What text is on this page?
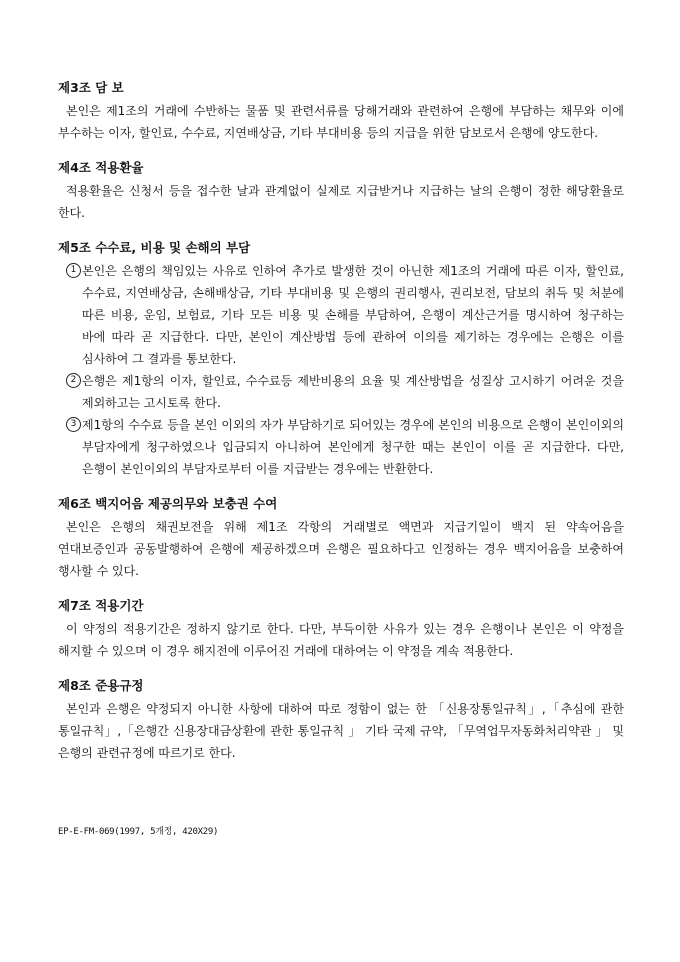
제3조 담 보

본인은 제1조의 거래에 수반하는 물품 및 관련서류를 당해거래와 관련하여 은행에 부담하는 채무와 이에 부수하는 이자, 할인료, 수수료, 지연배상금, 기타 부대비용 등의 지급을 위한 담보로서 은행에 양도한다.

제4조 적용환율

적용환율은 신청서 등을 접수한 날과 관계없이 실제로 지급받거나 지급하는 날의 은행이 정한 해당환율로 한다.

제5조 수수료, 비용 및 손해의 부담
1 본인은 은행의 책임있는 사유로 인하여 추가로 발생한 것이 아닌한 제1조의 거래에 따른 이자, 할인료, 수수료, 지연배상금, 손해배상금, 기타 부대비용 및 은행의 권리행사, 권리보전, 담보의 취득 및 처분에 따른 비용, 운임, 보험료, 기타 모든 비용 및 손해를 부담하여, 은행이 계산근거를 명시하여 청구하는 바에 따라 곧 지급한다. 다만, 본인이 계산방법 등에 관하여 이의를 제기하는 경우에는 은행은 이를 심사하여 그 결과를 통보한다.
2 은행은 제1항의 이자, 할인료, 수수료등 제반비용의 요율 및 계산방법을 성질상 고시하기 어려운 것을 제외하고는 고시토록 한다.
3 제1항의 수수료 등을 본인 이외의 자가 부담하기로 되어있는 경우에 본인의 비용으로 은행이 본인이외의 부담자에게 청구하였으나 입금되지 아니하여 본인에게 청구한 때는 본인이 이를 곧 지급한다. 다만, 은행이 본인이외의 부담자로부터 이를 지급받는 경우에는 반환한다.
제6조 백지어음 제공의무와 보충권 수여

본인은 은행의 채권보전을 위해 제1조 각항의 거래별로 액면과 지급기일이 백지 된 약속어음을 연대보증인과 공동발행하여 은행에 제공하겠으며 은행은 필요하다고 인정하는 경우 백지어음을 보충하여 행사할 수 있다.

제7조 적용기간

이 약정의 적용기간은 정하지 않기로 한다. 다만, 부득이한 사유가 있는 경우 은행이나 본인은 이 약정을 해지할 수 있으며 이 경우 해지전에 이루어진 거래에 대하여는 이 약정을 계속 적용한다.

제8조 준용규정

본인과 은행은 약정되지 아니한 사항에 대하여 따로 정함이 없는 한 「신용장통일규칙」,「추심에 관한 통일규칙」,「은행간 신용장대금상환에 관한 통일규칙 」 기타 국제 규약, 「무역업무자동화처리약관 」 및 은행의 관련규정에 따르기로 한다.

EP-E-FM-069(1997, 5개정, 420X29)
